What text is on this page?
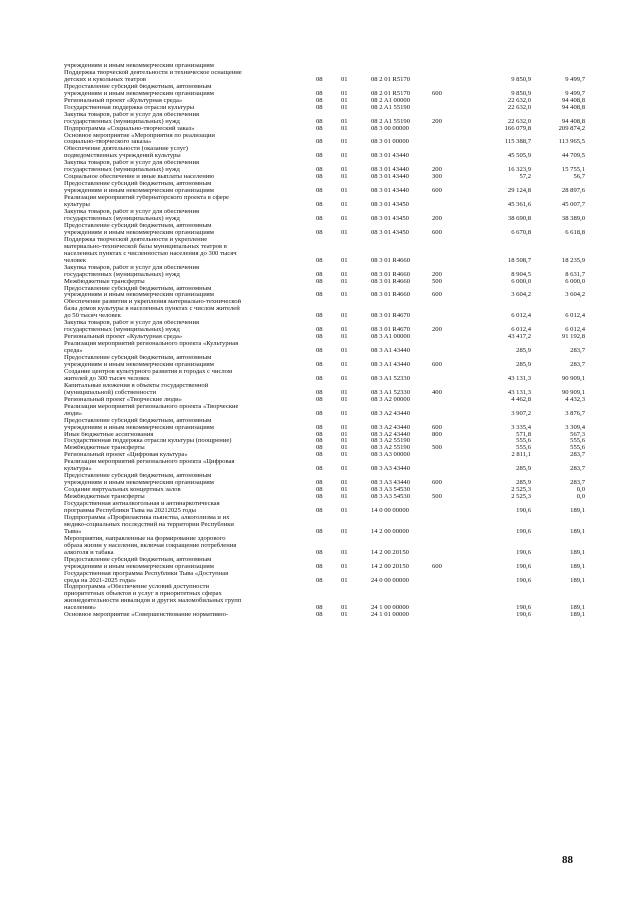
учреждениям и иным некоммерческим организациям						
Поддержка творческой деятельности и техническое оснащение
детских и кукольных театров	08	01	08 2 01 R5170		9 850,9	9 499,7
Предоставление субсидий бюджетным, автономным
учреждениям и иным некоммерческим организациям	08	01	08 2 01 R5170	600	9 850,9	9 499,7
Региональный проект «Культурная среда»	08	01	08 2 A1 00000		22 632,0	94 408,8
Государственная поддержка отрасли культуры	08	01	08 2 A1 55190		22 632,0	94 408,8
Закупка товаров, работ и услуг для обеспечения
государственных (муниципальных) нужд	08	01	08 2 A1 55190	200	22 632,0	94 408,8
Подпрограмма «Социально-творческий заказ»	08	01	08 3 00 00000		166 079,8	209 874,2
Основное мероприятие «Мероприятия по реализации
социально-творческого заказа»	08	01	08 3 01 00000		115 388,7	113 965,5
Обеспечение деятельности (оказание услуг)
подведомственных учреждений культуры	08	01	08 3 01 43440		45 505,9	44 709,5
Закупка товаров, работ и услуг для обеспечения
государственных (муниципальных) нужд	08	01	08 3 01 43440	200	16 323,9	15 755,1
Социальное обеспечение и иные выплаты населению	08	01	08 3 01 43440	300	57,2	56,7
Предоставление субсидий бюджетным, автономным
учреждениям и иным некоммерческим организациям	08	01	08 3 01 43440	600	29 124,8	28 897,6
Реализация мероприятий губернаторского проекта в сфере
культуры	08	01	08 3 01 43450		45 361,6	45 007,7
Закупка товаров, работ и услуг для обеспечения
государственных (муниципальных) нужд	08	01	08 3 01 43450	200	38 690,8	38 389,0
Предоставление субсидий бюджетным, автономным
учреждениям и иным некоммерческим организациям	08	01	08 3 01 43450	600	6 670,8	6 618,8
Поддержка творческой деятельности и укрепление
материально-технической базы муниципальных театров в
населенных пунктах с численностью населения до 300 тысяч
человек	08	01	08 3 01 R4660		18 508,7	18 235,9
Закупка товаров, работ и услуг для обеспечения
государственных (муниципальных) нужд	08	01	08 3 01 R4660	200	8 904,5	8 631,7
Межбюджетные трансферты	08	01	08 3 01 R4660	500	6 000,0	6 000,0
Предоставление субсидий бюджетным, автономным
учреждениям и иным некоммерческим организациям	08	01	08 3 01 R4660	600	3 604,2	3 604,2
Обеспечение развития и укрепления материально-технической
базы домов культуры в населенных пунктах с числом жителей
до 50 тысяч человек	08	01	08 3 01 R4670		6 012,4	6 012,4
Закупка товаров, работ и услуг для обеспечения
государственных (муниципальных) нужд	08	01	08 3 01 R4670	200	6 012,4	6 012,4
Региональный проект «Культурная среда»	08	01	08 3 A1 00000		43 417,2	91 192,8
Реализация мероприятий регионального проекта «Культурная
среда»	08	01	08 3 A1 43440		285,9	283,7
Предоставление субсидий бюджетным, автономным
учреждениям и иным некоммерческим организациям	08	01	08 3 A1 43440	600	285,9	283,7
Создание центров культурного развития в городах с числом
жителей до 300 тысяч человек	08	01	08 3 A1 52330		43 131,3	90 909,1
Капитальные вложения в объекты государственной
(муниципальной) собственности	08	01	08 3 A1 52330	400	43 131,3	90 909,1
Региональный проект «Творческие люди»	08	01	08 3 A2 00000		4 462,8	4 432,3
Реализация мероприятий регионального проекта «Творческие
люди»	08	01	08 3 A2 43440		3 907,2	3 876,7
Предоставление субсидий бюджетным, автономным
учреждениям и иным некоммерческим организациям	08	01	08 3 A2 43440	600	3 335,4	3 309,4
Иные бюджетные ассигнования	08	01	08 3 A2 43440	800	571,8	567,3
Государственная поддержка отрасли культуры (поощрение)	08	01	08 3 A2 55190		555,6	555,6
Межбюджетные трансферты	08	01	08 3 A2 55190	500	555,6	555,6
Региональный проект «Цифровая культура»	08	01	08 3 A3 00000		2 811,1	283,7
Реализация мероприятий регионального проекта «Цифровая
культура»	08	01	08 3 A3 43440		285,9	283,7
Предоставление субсидий бюджетным, автономным
учреждениям и иным некоммерческим организациям	08	01	08 3 A3 43440	600	285,9	283,7
Создание виртуальных концертных залов	08	01	08 3 A3 54530		2 525,3	0,0
Межбюджетные трансферты	08	01	08 3 A3 54530	500	2 525,3	0,0
Государственная антиалкогольная и антинаркотическая
программа Республики Тыва на 20212025 годы	08	01	14 0 00 00000		190,6	189,1
Подпрограмма «Профилактика пьянства, алкоголизма и их
медико-социальных последствий на территории Республики
Тыва»	08	01	14 2 00 00000		190,6	189,1
Мероприятия, направленные на формирование здорового
образа жизни у населения, включая сокращение потребления
алкоголя и табака	08	01	14 2 00 20150		190,6	189,1
Предоставление субсидий бюджетным, автономным
учреждениям и иным некоммерческим организациям	08	01	14 2 00 20150	600	190,6	189,1
Государственная программа Республики Тыва «Доступная
среда на 2021-2025 годы»	08	01	24 0 00 00000		190,6	189,1
Подпрограмма «Обеспечение условий доступности
приоритетных объектов и услуг в приоритетных сферах
жизнедеятельности инвалидов и других маломобильных групп
населения»	08	01	24 1 00 00000		190,6	189,1
Основное мероприятие «Совершенствование нормативно-	08	01	24 1 01 00000		190,6	189,1
88
